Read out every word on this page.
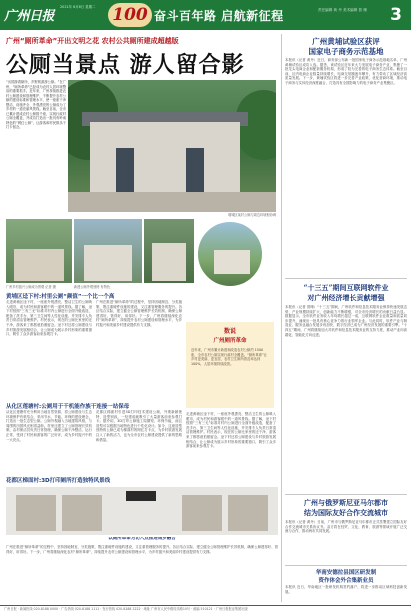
广州日报
2021年 6月8日 星期二 100 奋斗百年路 启航新征程	责任编辑 黄 丹 美术编辑 曾 珊	3
广州“厕所革命”开出文明之花 农村公共厕所建成超越版
公厕当景点 游人留合影
“出国游看厕所，乡野旅游游公厕。”在广州，“厕所革命”已经成为农村人居环境整治的重要抓手。近年来，广州持续推进农村公厕建设和管理维护，不断提升农村公厕的建设标准和管理水平，使一座座干净整洁、设施齐全、外观漂亮的公厕成为了乡村的一道亮丽风景线。截至目前，全市已累计建成农村公厕数千座，实现行政村公厕全覆盖，并成功打造出一批具有岭南特色的“网红公厕”，让游客和村民都乐于打卡留念。
增城区某村公厕与周边环境相协调
广州乡村振兴公厕成为景观 记者 摄	新建公厕外观独特 有特色
黄埔区迳下村:村里公厕“颜值”一个比一个高
走进黄埔区迳下村，一座座外观漂亮、整洁卫生的公厕映入眼帘，成为村民和游客眼中的一道风景线。据了解，迳下村按照“三有三无”标准对村内公厕进行全面升级改造，配备了洗手台、第三卫生间等人性化设施，并安排专人负责日常清洁管理维护。村民表示，现在的公厕比家里的还干净，游客来了都愿意拍照留念。迳下村还将公厕建设与乡村旅游发展相结合，让公厕成为展示乡村形象的重要窗口，吸引了众多游客前来参观打卡。
广州在推进“厕所革命”的过程中，坚持因地制宜、分类施策，既注重硬件设施的建设，又注重管理服务的提升。各区结合实际，建立健全公厕管理维护长效机制，确保公厕建得好、管得好、用得好。下一步，广州将继续深化农村“厕所革命”，持续提升农村公厕建设和管理水平，为乡村振兴和美丽乡村建设提供有力支撑。
数说
广州厕所革命
近年来，广州市累计新建和改造农村公厕约 1500 座，全市农村公厕实现行政村全覆盖。“厕所革命”让乡村更美丽、更宜居，农村卫生厕所普及率达到 100%，人居环境持续改善。
从化区莲塘村:公厕用于干机能作族干连接一站保母
从化区莲塘村充分利用当地自然资源，将公厕建设与生态环境保护有机结合，采用节水、节能、环保的建设理念，打造出一批生态型公厕。公厕外观融入当地建筑风格，与周围的田园风光相得益彰。村里还建立了公厕管理长效机制，由村保洁员负责日常管理，确保公厕干净整洁、运行正常，受到了村民和游客的广泛好评，成为乡村振兴中的一大亮点。
花都区梯面村引进3D打印技术建设公厕，外观新颖独特，造型别致，一经建成就吸引了大量游客前来参观打卡。据介绍，3D打印公厕施工周期短、环保节能，而且造型可以根据当地特色进行个性化设计。如今，这座造型独特的公厕已成为梯面村的网红打卡点，为乡村旅游发展注入了新的活力，也为全市农村公厕建设提供了新的思路和借鉴。
走进黄埔区迳下村，一座座外观漂亮、整洁卫生的公厕映入眼帘，成为村民和游客眼中的一道风景线。据了解，迳下村按照“三有三无”标准对村内公厕进行全面升级改造，配备了洗手台、第三卫生间等人性化设施，并安排专人负责日常清洁管理维护。村民表示，现在的公厕比家里的还干净，游客来了都愿意拍照留念。迳下村还将公厕建设与乡村旅游发展相结合，让公厕成为展示乡村形象的重要窗口，吸引了众多游客前来参观打卡。
花都区梯面村:3D打印厕所打造独特风景线
以厕所革命为切入点推进城乡融合
广州在推进“厕所革命”的过程中，坚持因地制宜、分类施策，既注重硬件设施的建设，又注重管理服务的提升。各区结合实际，建立健全公厕管理维护长效机制，确保公厕建得好、管得好、用得好。下一步，广州将继续深化农村“厕所革命”，持续提升农村公厕建设和管理水平，为乡村振兴和美丽乡村建设提供有力支撑。
广州黄埔试验区获评
国家电子商务示范基地
本报讯（记者 黄丹）近日，商务部公布新一批国家电子商务示范基地名单，广州黄埔试验区成功入选。据悉，该试验区近年来大力发展电子商务产业，集聚了一批龙头电商企业和配套服务机构，形成了较为完善的电子商务生态体系。截至目前，区内电商企业数量持续增长，电商交易额逐年攀升，有力带动了区域经济高质量发展。下一步，黄埔试验区将进一步完善产业政策，优化营商环境，推动电子商务与实体经济深度融合，打造具有全国影响力的电子商务产业集聚区。
“十三五”期间互联网软件业
对广州经济增长贡献增强
本报讯（记者 曾珊）“十三五”期间，广州软件和信息技术服务业保持快速发展态势，产业规模持续扩大，创新能力不断增强，对全市经济增长的贡献日益凸显。数据显示，全市软件业务收入年均增长超过一成，互联网软件企业数量和质量同步提升，涌现出一批具有核心竞争力的行业领军企业。与此同时，软件产业与制造业、服务业融合发展步伐加快，数字经济已成为广州经济发展的重要引擎。“十四五”期间，广州将继续加大对软件和信息技术服务业的支持力度，推动产业向高端化、智能化方向迈进。
广州与俄罗斯尼亚马尔都市
结为国际友好合作交流城市
本报讯（记者 黄丹）日前，广州市与俄罗斯尼亚马尔都市正式签署建立国际友好合作交流城市关系协议书。双方将在经贸、文化、教育、旅游等领域开展广泛交流与合作，推动两市共同发展。
华南安德拉县国区研发制
资作体会外合集新业员
本报讯 近日，华南地区一批研发机构签约落户，将进一步推动区域科技创新发展。
广州日报 · 新闻热线 020-8188 0000 · 广告热线 020-8188 1111 · 发行热线 020-8188 2222 · 地址 广州市人民中路同乐路10号 · 邮编 510121 · 广州日报报业集团出版
